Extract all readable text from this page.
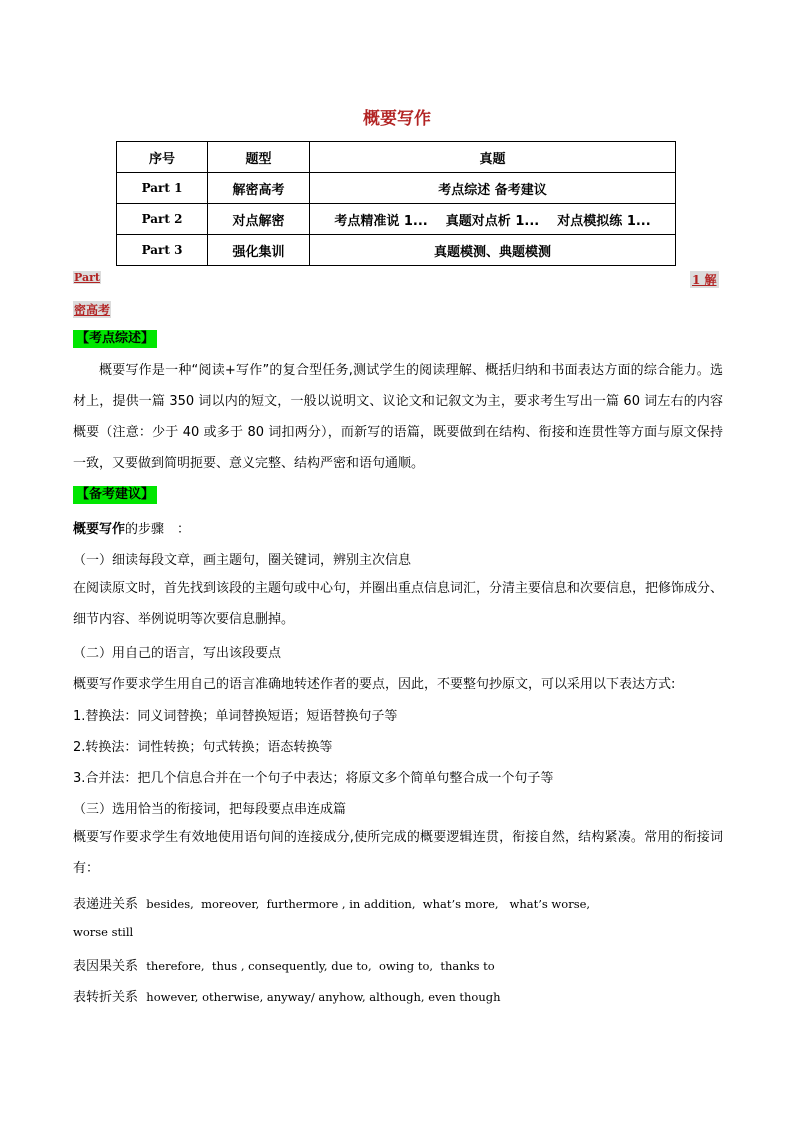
概要写作
序号	题型	真题
Part 1	解密高考	考点综述 备考建议
Part 2	对点解密	考点精准说 1...    真题对点析 1...    对点模拟练 1...
Part 3	强化集训	真题模测、典题模测
Part	1 解
密高考
【考点综述】
概要写作是一种“阅读+写作”的复合型任务,测试学生的阅读理解、概括归纳和书面表达方面的综合能力。选材上，提供一篇 350 词以内的短文，一般以说明文、议论文和记叙文为主，要求考生写出一篇 60 词左右的内容概要（注意：少于 40 或多于 80 词扣两分），而新写的语篇，既要做到在结构、衔接和连贯性等方面与原文保持一致，又要做到简明扼要、意义完整、结构严密和语句通顺。
【备考建议】
概要写作的步骤　：
（一）细读每段文章，画主题句，圈关键词，辨别主次信息
在阅读原文时，首先找到该段的主题句或中心句，并圈出重点信息词汇，分清主要信息和次要信息，把修饰成分、细节内容、举例说明等次要信息删掉。
（二）用自己的语言，写出该段要点
概要写作要求学生用自己的语言准确地转述作者的要点，因此，不要整句抄原文，可以采用以下表达方式:
1.替换法：同义词替换；单词替换短语；短语替换句子等
2.转换法：词性转换；句式转换；语态转换等
3.合并法：把几个信息合并在一个句子中表达；将原文多个简单句整合成一个句子等
（三）选用恰当的衔接词，把每段要点串连成篇
概要写作要求学生有效地使用语句间的连接成分,使所完成的概要逻辑连贯，衔接自然，结构紧凑。常用的衔接词有：
表递进关系 besides,  moreover,  furthermore , in addition,  what’s more,   what’s worse,
worse still
表因果关系 therefore,  thus , consequently, due to,  owing to,  thanks to
表转折关系 however, otherwise, anyway/ anyhow, although, even though
